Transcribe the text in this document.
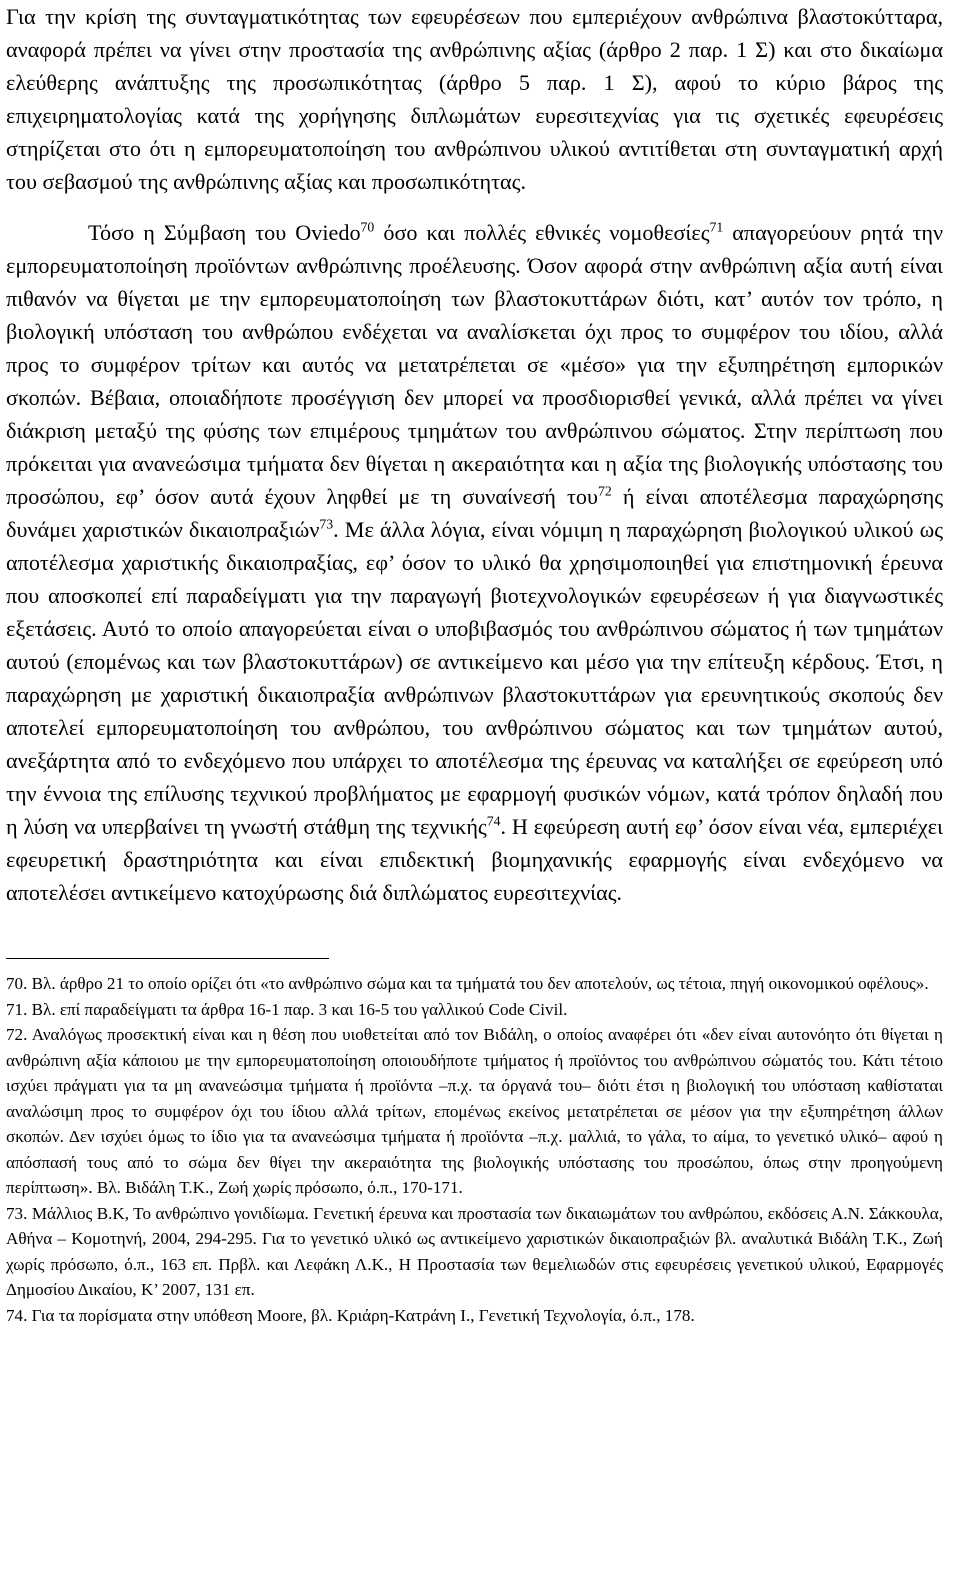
Για την κρίση της συνταγματικότητας των εφευρέσεων που εμπεριέχουν ανθρώπινα βλαστοκύτταρα, αναφορά πρέπει να γίνει στην προστασία της ανθρώπινης αξίας (άρθρο 2 παρ. 1 Σ) και στο δικαίωμα ελεύθερης ανάπτυξης της προσωπικότητας (άρθρο 5 παρ. 1 Σ), αφού το κύριο βάρος της επιχειρηματολογίας κατά της χορήγησης διπλωμάτων ευρεσιτεχνίας για τις σχετικές εφευρέσεις στηρίζεται στο ότι η εμπορευματοποίηση του ανθρώπινου υλικού αντιτίθεται στη συνταγματική αρχή του σεβασμού της ανθρώπινης αξίας και προσωπικότητας.

Τόσο η Σύμβαση του Oviedo$^{70}$ όσο και πολλές εθνικές νομοθεσίες$^{71}$ απαγορεύουν ρητά την εμπορευματοποίηση προϊόντων ανθρώπινης προέλευσης. Όσον αφορά στην ανθρώπινη αξία αυτή είναι πιθανόν να θίγεται με την εμπορευματοποίηση των βλαστοκυττάρων διότι, κατ’ αυτόν τον τρόπο, η βιολογική υπόσταση του ανθρώπου ενδέχεται να αναλίσκεται όχι προς το συμφέρον του ιδίου, αλλά προς το συμφέρον τρίτων και αυτός να μετατρέπεται σε «μέσο» για την εξυπηρέτηση εμπορικών σκοπών. Βέβαια, οποιαδήποτε προσέγγιση δεν μπορεί να προσδιορισθεί γενικά, αλλά πρέπει να γίνει διάκριση μεταξύ της φύσης των επιμέρους τμημάτων του ανθρώπινου σώματος. Στην περίπτωση που πρόκειται για ανανεώσιμα τμήματα δεν θίγεται η ακεραιότητα και η αξία της βιολογικής υπόστασης του προσώπου, εφ’ όσον αυτά έχουν ληφθεί με τη συναίνεσή του$^{72}$ ή είναι αποτέλεσμα παραχώρησης δυνάμει χαριστικών δικαιοπραξιών$^{73}$. Με άλλα λόγια, είναι νόμιμη η παραχώρηση βιολογικού υλικού ως αποτέλεσμα χαριστικής δικαιοπραξίας, εφ’ όσον το υλικό θα χρησιμοποιηθεί για επιστημονική έρευνα που αποσκοπεί επί παραδείγματι για την παραγωγή βιοτεχνολογικών εφευρέσεων ή για διαγνωστικές εξετάσεις. Αυτό το οποίο απαγορεύεται είναι ο υποβιβασμός του ανθρώπινου σώματος ή των τμημάτων αυτού (επομένως και των βλαστοκυττάρων) σε αντικείμενο και μέσο για την επίτευξη κέρδους. Έτσι, η παραχώρηση με χαριστική δικαιοπραξία ανθρώπινων βλαστοκυττάρων για ερευνητικούς σκοπούς δεν αποτελεί εμπορευματοποίηση του ανθρώπου, του ανθρώπινου σώματος και των τμημάτων αυτού, ανεξάρτητα από το ενδεχόμενο που υπάρχει το αποτέλεσμα της έρευνας να καταλήξει σε εφεύρεση υπό την έννοια της επίλυσης τεχνικού προβλήματος με εφαρμογή φυσικών νόμων, κατά τρόπον δηλαδή που η λύση να υπερβαίνει τη γνωστή στάθμη της τεχνικής$^{74}$. Η εφεύρεση αυτή εφ’ όσον είναι νέα, εμπεριέχει εφευρετική δραστηριότητα και είναι επιδεκτική βιομηχανικής εφαρμογής είναι ενδεχόμενο να αποτελέσει αντικείμενο κατοχύρωσης διά διπλώματος ευρεσιτεχνίας.

70. Βλ. άρθρο 21 το οποίο ορίζει ότι «το ανθρώπινο σώμα και τα τμήματά του δεν αποτελούν, ως τέτοια, πηγή οικονομικού οφέλους».

71. Βλ. επί παραδείγματι τα άρθρα 16-1 παρ. 3 και 16-5 του γαλλικού Code Civil.

72. Αναλόγως προσεκτική είναι και η θέση που υιοθετείται από τον Βιδάλη, ο οποίος αναφέρει ότι «δεν είναι αυτονόητο ότι θίγεται η ανθρώπινη αξία κάποιου με την εμπορευματοποίηση οποιουδήποτε τμήματος ή προϊόντος του ανθρώπινου σώματός του. Κάτι τέτοιο ισχύει πράγματι για τα μη ανανεώσιμα τμήματα ή προϊόντα –π.χ. τα όργανά του– διότι έτσι η βιολογική του υπόσταση καθίσταται αναλώσιμη προς το συμφέρον όχι του ίδιου αλλά τρίτων, επομένως εκείνος μετατρέπεται σε μέσον για την εξυπηρέτηση άλλων σκοπών. Δεν ισχύει όμως το ίδιο για τα ανανεώσιμα τμήματα ή προϊόντα –π.χ. μαλλιά, το γάλα, το αίμα, το γενετικό υλικό– αφού η απόσπασή τους από το σώμα δεν θίγει την ακεραιότητα της βιολογικής υπόστασης του προσώπου, όπως στην προηγούμενη περίπτωση». Βλ. Βιδάλη Τ.Κ., Ζωή χωρίς πρόσωπο, ό.π., 170-171.

73. Μάλλιος Β.Κ, Το ανθρώπινο γονιδίωμα. Γενετική έρευνα και προστασία των δικαιωμάτων του ανθρώπου, εκδόσεις Α.Ν. Σάκκουλα, Αθήνα – Κομοτηνή, 2004, 294-295. Για το γενετικό υλικό ως αντικείμενο χαριστικών δικαιοπραξιών βλ. αναλυτικά Βιδάλη Τ.Κ., Ζωή χωρίς πρόσωπο, ό.π., 163 επ. Πρβλ. και Λεφάκη Λ.Κ., Η Προστασία των θεμελιωδών στις εφευρέσεις γενετικού υλικού, Εφαρμογές Δημοσίου Δικαίου, Κ’ 2007, 131 επ.

74. Για τα πορίσματα στην υπόθεση Moore, βλ. Κριάρη-Κατράνη Ι., Γενετική Τεχνολογία, ό.π., 178.
